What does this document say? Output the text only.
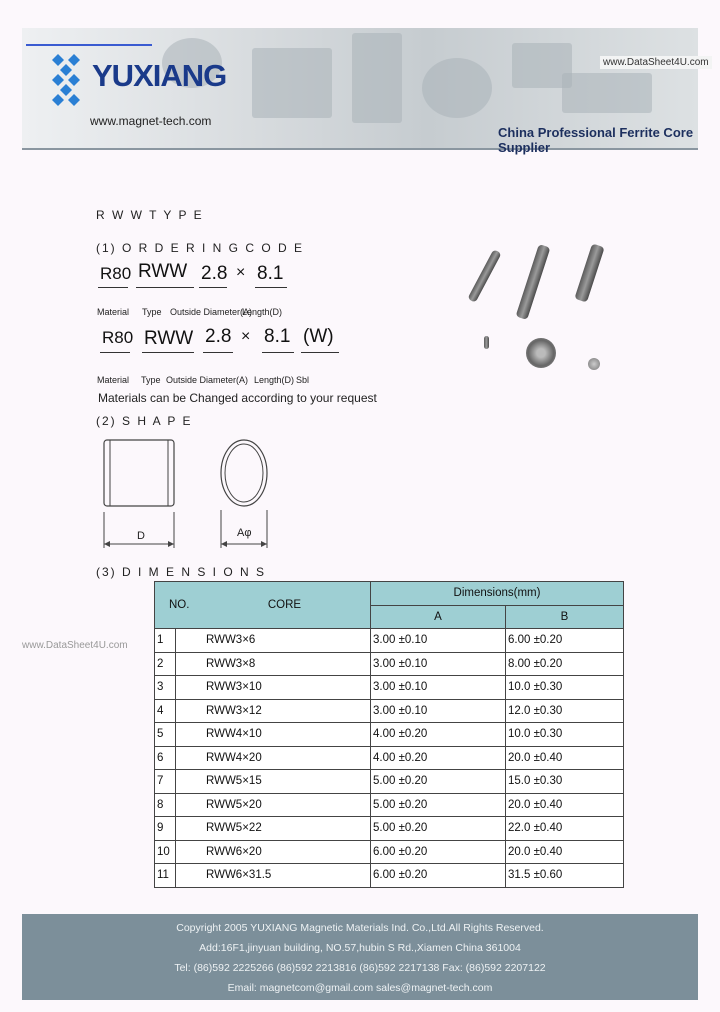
YUXIANG
www.magnet-tech.com
www.DataSheet4U.com
China Professional Ferrite Core Supplier
R W W T Y P E
(1) O R D E R I N G C O D E
R80 RWW 2.8 × 8.1
Material Type Outside Diameter(A)
Length(D)
R80 RWW 2.8 × 8.1 (W)
Material Type Outside Diameter(A) Length(D) Sbl
Materials can be Changed according to your request
(2) S H A P E
D	Aφ
(3) D I M E N S I O N S
www.DataSheet4U.com
NO. CORE		Dimensions(mm)	
		A	B
1	RWW3×6	3.00 ±0.10	6.00 ±0.20
2	RWW3×8	3.00 ±0.10	8.00 ±0.20
3	RWW3×10	3.00 ±0.10	10.0 ±0.30
4	RWW3×12	3.00 ±0.10	12.0 ±0.30
5	RWW4×10	4.00 ±0.20	10.0 ±0.30
6	RWW4×20	4.00 ±0.20	20.0 ±0.40
7	RWW5×15	5.00 ±0.20	15.0 ±0.30
8	RWW5×20	5.00 ±0.20	20.0 ±0.40
9	RWW5×22	5.00 ±0.20	22.0 ±0.40
10	RWW6×20	6.00 ±0.20	20.0 ±0.40
11	RWW6×31.5	6.00 ±0.20	31.5 ±0.60
Copyright 2005 YUXIANG Magnetic Materials Ind. Co.,Ltd.All Rights Reserved.
Add:16F1,jinyuan building, NO.57,hubin S Rd.,Xiamen China 361004
Tel: (86)592 2225266 (86)592 2213816 (86)592 2217138 Fax: (86)592 2207122
Email: magnetcom@gmail.com sales@magnet-tech.com
